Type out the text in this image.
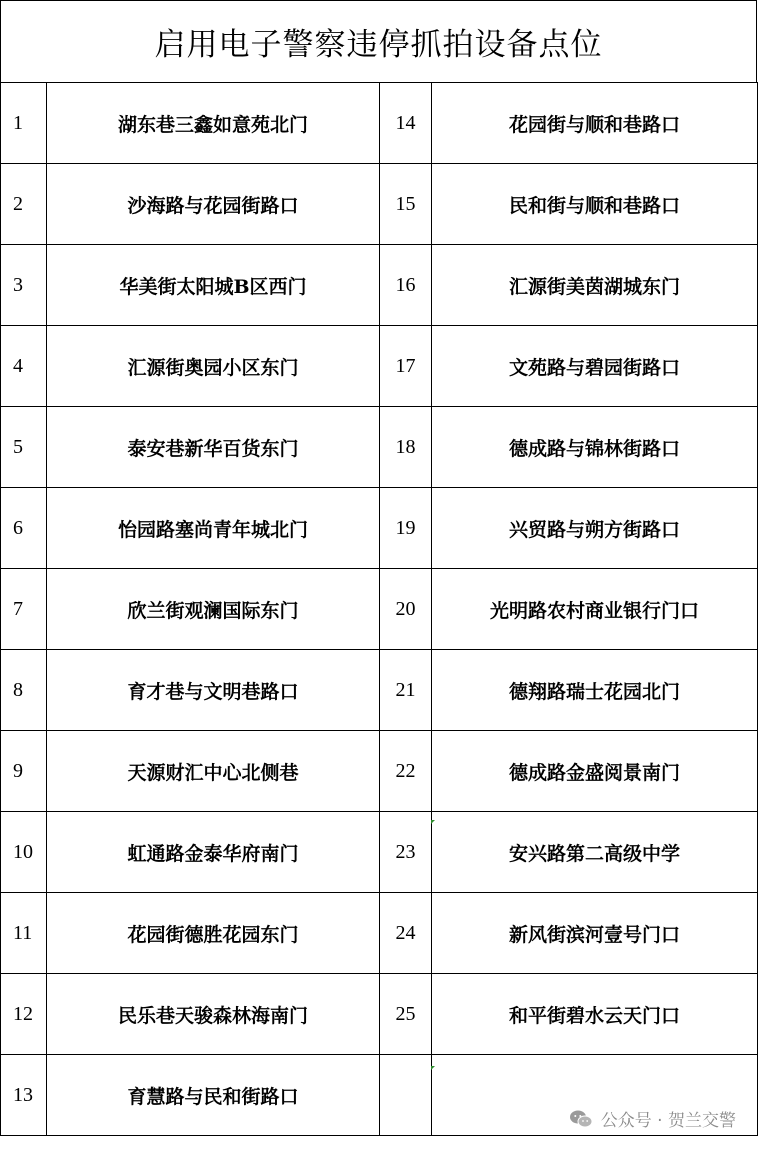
启用电子警察违停抓拍设备点位
1	湖东巷三鑫如意苑北门	14	花园街与顺和巷路口
2	沙海路与花园街路口	15	民和街与顺和巷路口
3	华美街太阳城B区西门	16	汇源街美茵湖城东门
4	汇源街奥园小区东门	17	文苑路与碧园街路口
5	泰安巷新华百货东门	18	德成路与锦林街路口
6	怡园路塞尚青年城北门	19	兴贸路与朔方街路口
7	欣兰街观澜国际东门	20	光明路农村商业银行门口
8	育才巷与文明巷路口	21	德翔路瑞士花园北门
9	天源财汇中心北侧巷	22	德成路金盛阅景南门
10	虹通路金泰华府南门	23	安兴路第二高级中学
11	花园街德胜花园东门	24	新风街滨河壹号门口
12	民乐巷天骏森林海南门	25	和平街碧水云天门口
13	育慧路与民和街路口		
公众号 · 贺兰交警
